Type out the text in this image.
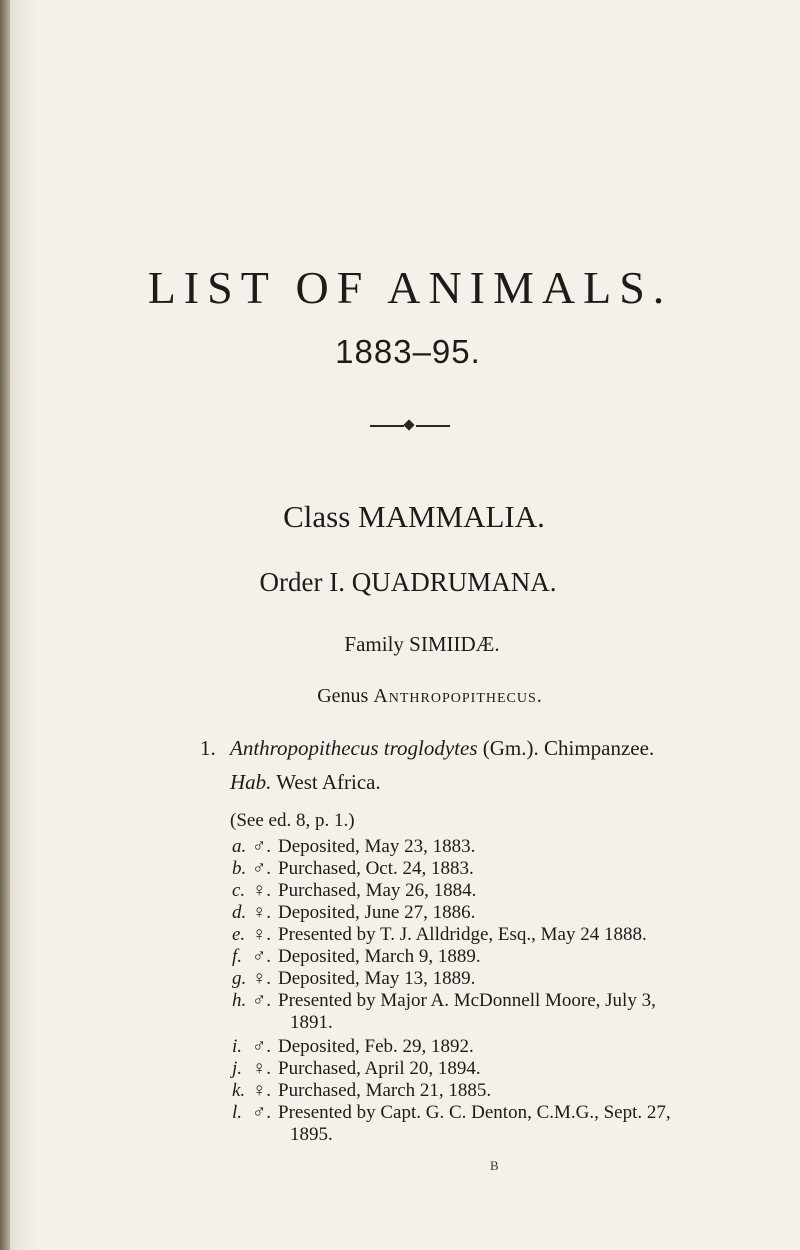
LIST OF ANIMALS.
1883–95.
Class MAMMALIA.
Order I. QUADRUMANA.
Family SIMIIDÆ.
Genus Anthropopithecus.
1. Anthropopithecus troglodytes (Gm.). Chimpanzee.
Hab. West Africa.
(See ed. 8, p. 1.)
a. ♂. Deposited, May 23, 1883.
b. ♂. Purchased, Oct. 24, 1883.
c. ♀. Purchased, May 26, 1884.
d. ♀. Deposited, June 27, 1886.
e. ♀. Presented by T. J. Alldridge, Esq., May 24 1888.
f. ♂. Deposited, March 9, 1889.
g. ♀. Deposited, May 13, 1889.
h. ♂. Presented by Major A. McDonnell Moore, July 3,
1891.
i. ♂. Deposited, Feb. 29, 1892.
j. ♀. Purchased, April 20, 1894.
k. ♀. Purchased, March 21, 1885.
l. ♂. Presented by Capt. G. C. Denton, C.M.G., Sept. 27,
1895.
B
